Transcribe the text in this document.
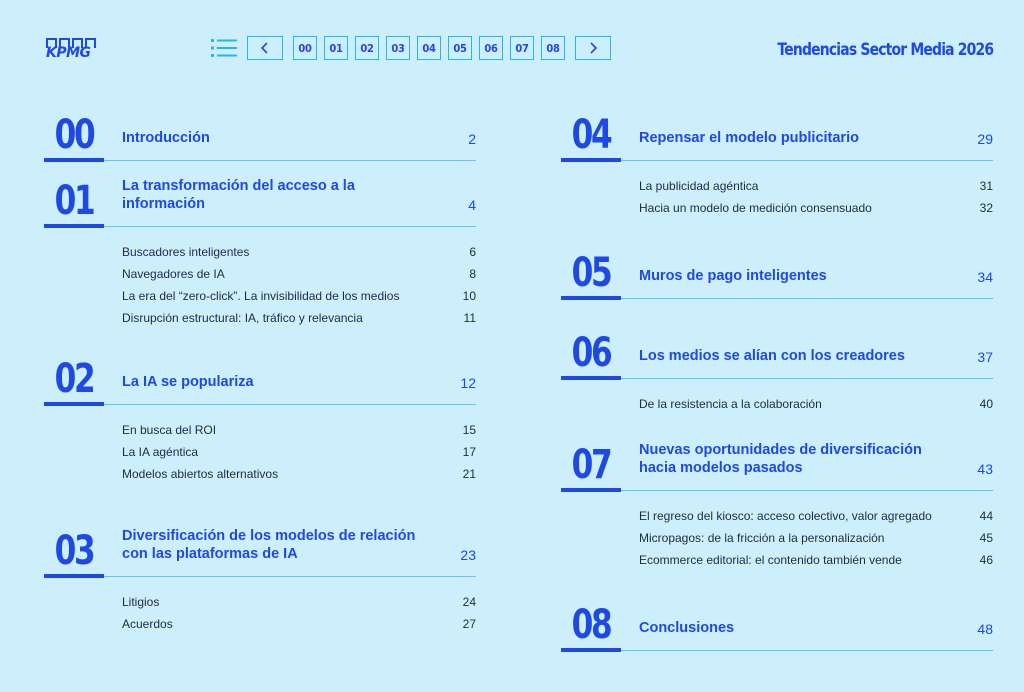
KPMG	00	01	02	03	04	05	06	07	08	Tendencias Sector Media 2026
00 Introducción	2
01 La transformación del acceso a la información	4
Buscadores inteligentes	6
Navegadores de IA	8
La era del “zero-click”. La invisibilidad de los medios	10
Disrupción estructural: IA, tráfico y relevancia	11
02 La IA se populariza	12
En busca del ROI	15
La IA agéntica	17
Modelos abiertos alternativos	21
03 Diversificación de los modelos de relación con las plataformas de IA	23
Litigios	24
Acuerdos	27
04 Repensar el modelo publicitario	29
La publicidad agéntica	31
Hacia un modelo de medición consensuado	32
05 Muros de pago inteligentes	34
06 Los medios se alían con los creadores	37
De la resistencia a la colaboración	40
07 Nuevas oportunidades de diversificación hacia modelos pasados	43
El regreso del kiosco: acceso colectivo, valor agregado	44
Micropagos: de la fricción a la personalización	45
Ecommerce editorial: el contenido también vende	46
08 Conclusiones	48
